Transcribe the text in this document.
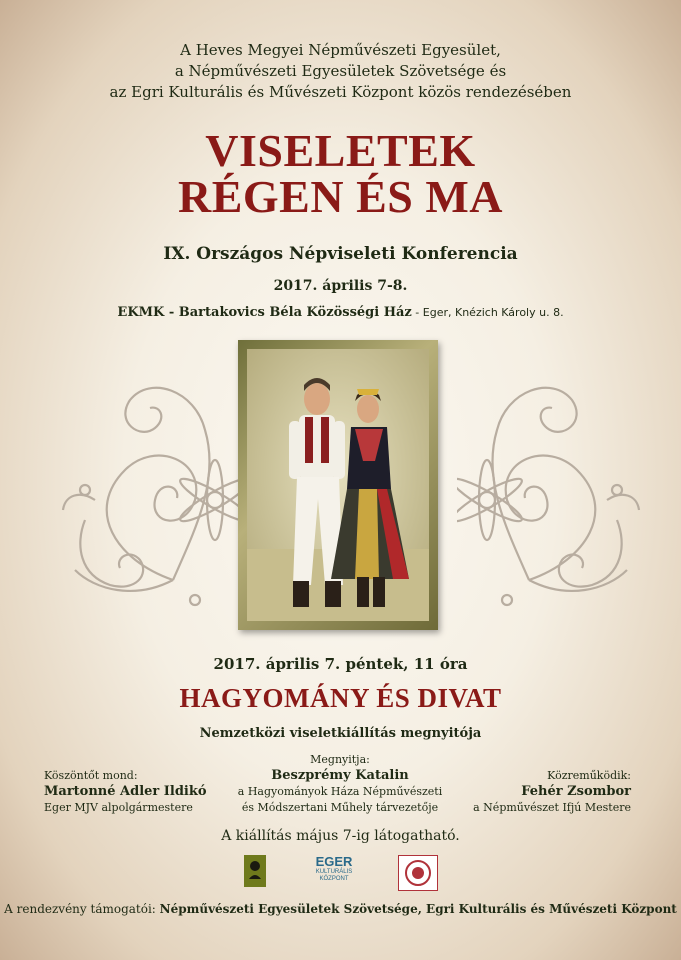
A Heves Megyei Népművészeti Egyesület,
a Népművészeti Egyesületek Szövetsége és
az Egri Kulturális és Művészeti Központ közös rendezésében
VISELETEK
RÉGEN ÉS MA
IX. Országos Népviseleti Konferencia
2017. április 7-8.
EKMK - Bartakovics Béla Közösségi Ház - Eger, Knézich Károly u. 8.
2017. április 7. péntek, 11 óra
HAGYOMÁNY ÉS DIVAT
Nemzetközi viseletkiállítás megnyitója
Köszöntőt mond:
Martonné Adler Ildikó
Eger MJV alpolgármestere
Megnyitja:
Beszprémy Katalin
a Hagyományok Háza Népművészeti
és Módszertani Műhely tárvezetője
Közreműködik:
Fehér Zsombor
a Népművészet Ifjú Mestere
A kiállítás május 7-ig látogatható.
EGER
KULTURÁLIS
KÖZPONT
A rendezvény támogatói: Népművészeti Egyesületek Szövetsége, Egri Kulturális és Művészeti Központ
